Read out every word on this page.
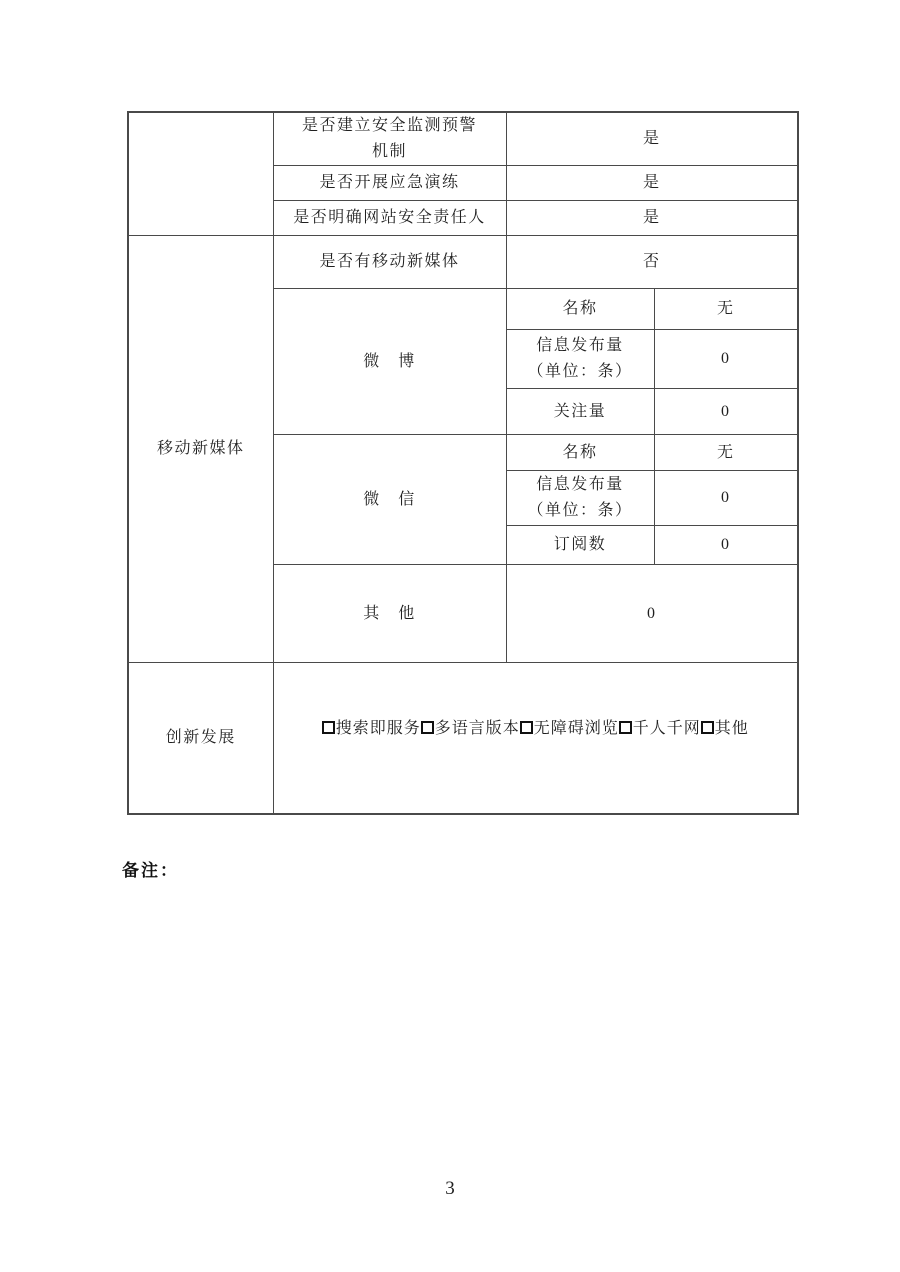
	是否建立安全监测预警
机制	是	
	是否开展应急演练	是	
	是否明确网站安全责任人	是	
移动新媒体	是否有移动新媒体	否	
	微　博	名称	无

		信息发布量
（单位：条）	0
		关注量	0
	微　信	名称	无

		信息发布量
（单位：条）	0
		订阅数	0
	其　他	0	
创新发展	搜索即服务 多语言版本 无障碍浏览 千人千网 其他		
备注：
3
